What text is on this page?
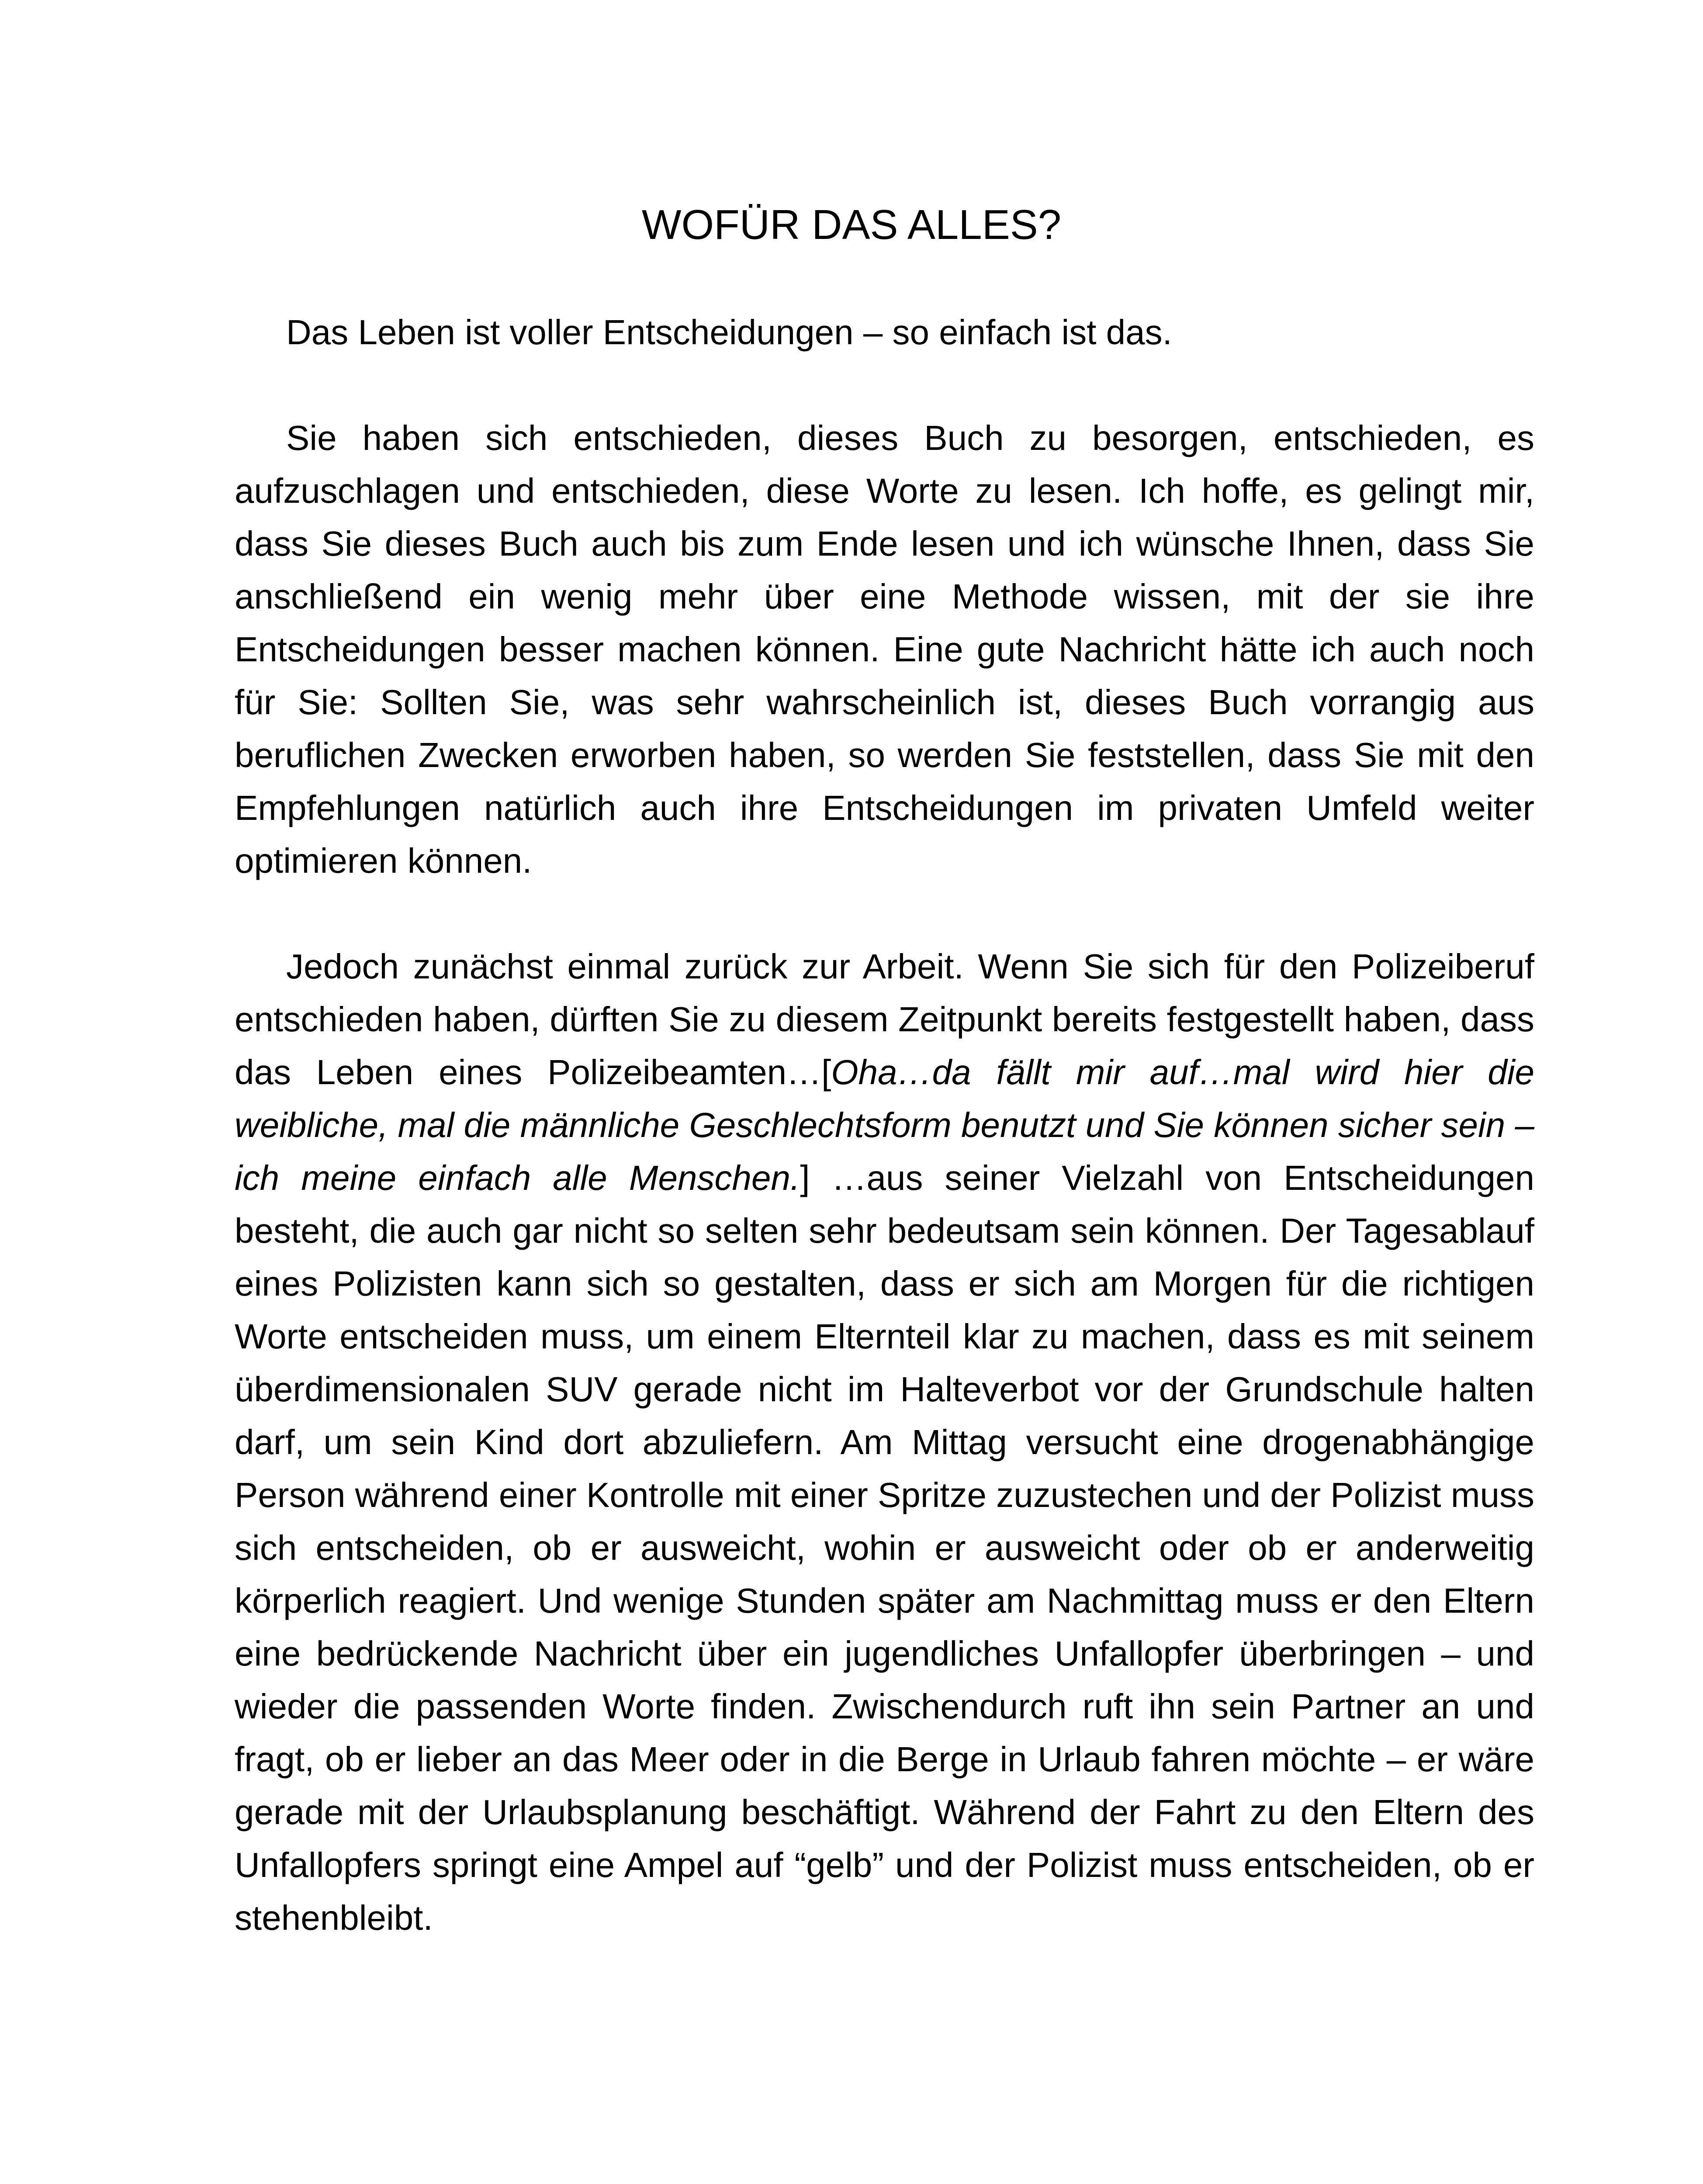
WOFÜR DAS ALLES?

Das Leben ist voller Entscheidungen – so einfach ist das.

Sie haben sich entschieden, dieses Buch zu besorgen, entschieden, es aufzuschlagen und entschieden, diese Worte zu lesen. Ich hoffe, es gelingt mir, dass Sie dieses Buch auch bis zum Ende lesen und ich wünsche Ihnen, dass Sie anschließend ein wenig mehr über eine Methode wissen, mit der sie ihre Entscheidungen besser machen können. Eine gute Nachricht hätte ich auch noch für Sie: Sollten Sie, was sehr wahrscheinlich ist, dieses Buch vorrangig aus beruflichen Zwecken erworben haben, so werden Sie feststellen, dass Sie mit den Empfehlungen natürlich auch ihre Entscheidungen im privaten Umfeld weiter optimieren können.

Jedoch zunächst einmal zurück zur Arbeit. Wenn Sie sich für den Polizeiberuf entschieden haben, dürften Sie zu diesem Zeitpunkt bereits festgestellt haben, dass das Leben eines Polizeibeamten…[Oha…da fällt mir auf…mal wird hier die weibliche, mal die männliche Geschlechtsform benutzt und Sie können sicher sein – ich meine einfach alle Menschen.] …aus seiner Vielzahl von Entscheidungen besteht, die auch gar nicht so selten sehr bedeutsam sein können. Der Tagesablauf eines Polizisten kann sich so gestalten, dass er sich am Morgen für die richtigen Worte entscheiden muss, um einem Elternteil klar zu machen, dass es mit seinem überdimensionalen SUV gerade nicht im Halteverbot vor der Grundschule halten darf, um sein Kind dort abzuliefern. Am Mittag versucht eine drogenabhängige Person während einer Kontrolle mit einer Spritze zuzustechen und der Polizist muss sich entscheiden, ob er ausweicht, wohin er ausweicht oder ob er anderweitig körperlich reagiert. Und wenige Stunden später am Nachmittag muss er den Eltern eine bedrückende Nachricht über ein jugendliches Unfallopfer überbringen – und wieder die passenden Worte finden. Zwischendurch ruft ihn sein Partner an und fragt, ob er lieber an das Meer oder in die Berge in Urlaub fahren möchte – er wäre gerade mit der Urlaubsplanung beschäftigt. Während der Fahrt zu den Eltern des Unfallopfers springt eine Ampel auf “gelb” und der Polizist muss entscheiden, ob er stehenbleibt.
